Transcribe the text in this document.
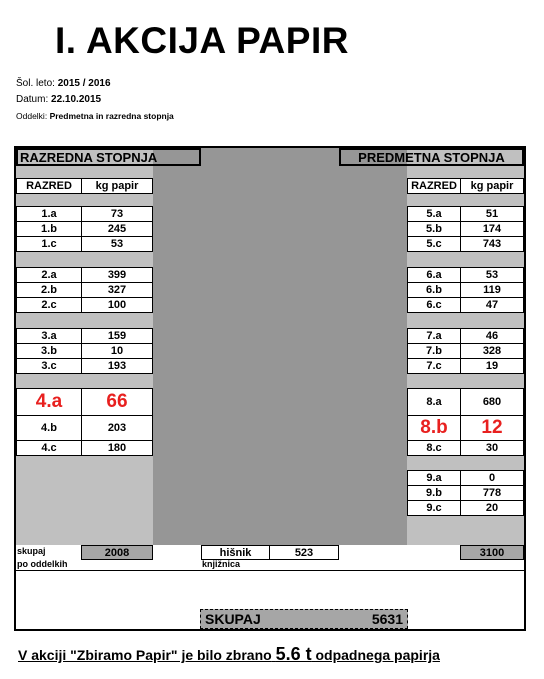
I. AKCIJA PAPIR
Šol. leto: 2015 / 2016
Datum: 22.10.2015
Oddelki: Predmetna in razredna stopnja
RAZREDNA STOPNJA	PREDMETNA STOPNJA
RAZRED	kg papir	RAZRED	kg papir
1.a	73
1.b	245
1.c	53
2.a	399
2.b	327
2.c	100
3.a	159
3.b	10
3.c	193
4.a	66
4.b	203
4.c	180
5.a	51
5.b	174
5.c	743
6.a	53
6.b	119
6.c	47
7.a	46
7.b	328
7.c	19
8.a	680
8.b	12
8.c	30
9.a	0
9.b	778
9.c	20
skupaj
po oddelkih
2008	hišnik	523
knjižnica
3100
SKUPAJ	5631
V akciji "Zbiramo Papir" je bilo zbrano 5.6 t odpadnega papirja
